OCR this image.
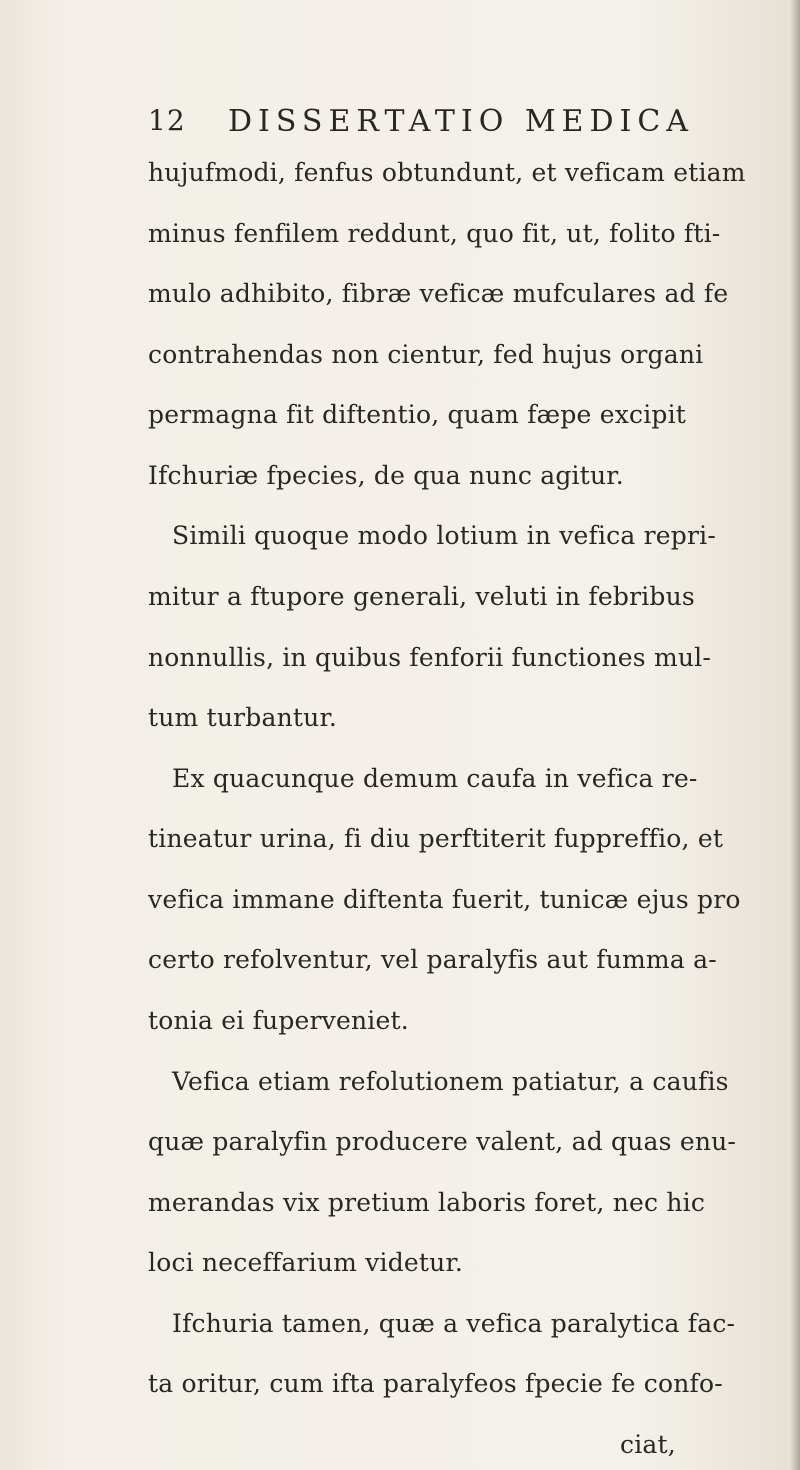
12 DISSERTATIO MEDICA
hujufmodi, fenfus obtundunt, et veficam etiam
minus fenfilem reddunt, quo fit, ut, folito fti-
mulo adhibito, fibræ veficæ mufculares ad fe
contrahendas non cientur, fed hujus organi
permagna fit diftentio, quam fæpe excipit
Ifchuriæ fpecies, de qua nunc agitur.
Simili quoque modo lotium in vefica repri-
mitur a ftupore generali, veluti in febribus
nonnullis, in quibus fenforii functiones mul-
tum turbantur.
Ex quacunque demum caufa in vefica re-
tineatur urina, fi diu perftiterit fuppreffio, et
vefica immane diftenta fuerit, tunicæ ejus pro
certo refolventur, vel paralyfis aut fumma a-
tonia ei fuperveniet.
Vefica etiam refolutionem patiatur, a caufis
quæ paralyfin producere valent, ad quas enu-
merandas vix pretium laboris foret, nec hic
loci neceffarium videtur.
Ifchuria tamen, quæ a vefica paralytica fac-
ta oritur, cum ifta paralyfeos fpecie fe confo-
ciat,
